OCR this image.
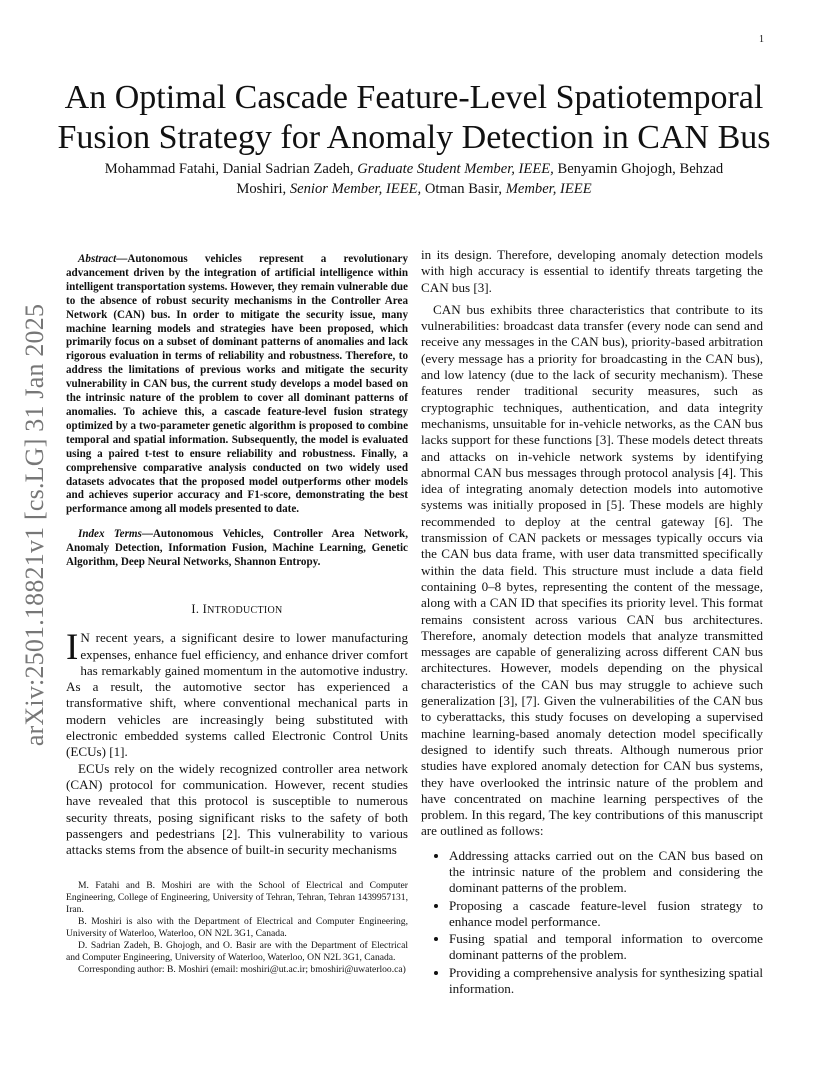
1
arXiv:2501.18821v1 [cs.LG] 31 Jan 2025
An Optimal Cascade Feature-Level Spatiotemporal Fusion Strategy for Anomaly Detection in CAN Bus

Mohammad Fatahi, Danial Sadrian Zadeh, Graduate Student Member, IEEE, Benyamin Ghojogh, Behzad Moshiri, Senior Member, IEEE, Otman Basir, Member, IEEE

Abstract—Autonomous vehicles represent a revolutionary advancement driven by the integration of artificial intelligence within intelligent transportation systems. However, they remain vulnerable due to the absence of robust security mechanisms in the Controller Area Network (CAN) bus. In order to mitigate the security issue, many machine learning models and strategies have been proposed, which primarily focus on a subset of dominant patterns of anomalies and lack rigorous evaluation in terms of reliability and robustness. Therefore, to address the limitations of previous works and mitigate the security vulnerability in CAN bus, the current study develops a model based on the intrinsic nature of the problem to cover all dominant patterns of anomalies. To achieve this, a cascade feature-level fusion strategy optimized by a two-parameter genetic algorithm is proposed to combine temporal and spatial information. Subsequently, the model is evaluated using a paired t-test to ensure reliability and robustness. Finally, a comprehensive comparative analysis conducted on two widely used datasets advocates that the proposed model outperforms other models and achieves superior accuracy and F1-score, demonstrating the best performance among all models presented to date.

Index Terms—Autonomous Vehicles, Controller Area Network, Anomaly Detection, Information Fusion, Machine Learning, Genetic Algorithm, Deep Neural Networks, Shannon Entropy.

I. INTRODUCTION

I N recent years, a significant desire to lower manufacturing expenses, enhance fuel efficiency, and enhance driver comfort has remarkably gained momentum in the automotive industry. As a result, the automotive sector has experienced a transformative shift, where conventional mechanical parts in modern vehicles are increasingly being substituted with electronic embedded systems called Electronic Control Units (ECUs) [1].

ECUs rely on the widely recognized controller area network (CAN) protocol for communication. However, recent studies have revealed that this protocol is susceptible to numerous security threats, posing significant risks to the safety of both passengers and pedestrians [2]. This vulnerability to various attacks stems from the absence of built-in security mechanisms

M. Fatahi and B. Moshiri are with the School of Electrical and Computer Engineering, College of Engineering, University of Tehran, Tehran, Tehran 1439957131, Iran.

B. Moshiri is also with the Department of Electrical and Computer Engineering, University of Waterloo, Waterloo, ON N2L 3G1, Canada.

D. Sadrian Zadeh, B. Ghojogh, and O. Basir are with the Department of Electrical and Computer Engineering, University of Waterloo, Waterloo, ON N2L 3G1, Canada.

Corresponding author: B. Moshiri (email: moshiri@ut.ac.ir; bmoshiri@uwaterloo.ca)

in its design. Therefore, developing anomaly detection models with high accuracy is essential to identify threats targeting the CAN bus [3].

CAN bus exhibits three characteristics that contribute to its vulnerabilities: broadcast data transfer (every node can send and receive any messages in the CAN bus), priority-based arbitration (every message has a priority for broadcasting in the CAN bus), and low latency (due to the lack of security mechanism). These features render traditional security measures, such as cryptographic techniques, authentication, and data integrity mechanisms, unsuitable for in-vehicle networks, as the CAN bus lacks support for these functions [3]. These models detect threats and attacks on in-vehicle network systems by identifying abnormal CAN bus messages through protocol analysis [4]. This idea of integrating anomaly detection models into automotive systems was initially proposed in [5]. These models are highly recommended to deploy at the central gateway [6]. The transmission of CAN packets or messages typically occurs via the CAN bus data frame, with user data transmitted specifically within the data field. This structure must include a data field containing 0–8 bytes, representing the content of the message, along with a CAN ID that specifies its priority level. This format remains consistent across various CAN bus architectures. Therefore, anomaly detection models that analyze transmitted messages are capable of generalizing across different CAN bus architectures. However, models depending on the physical characteristics of the CAN bus may struggle to achieve such generalization [3], [7]. Given the vulnerabilities of the CAN bus to cyberattacks, this study focuses on developing a supervised machine learning-based anomaly detection model specifically designed to identify such threats. Although numerous prior studies have explored anomaly detection for CAN bus systems, they have overlooked the intrinsic nature of the problem and have concentrated on machine learning perspectives of the problem. In this regard, The key contributions of this manuscript are outlined as follows:

• Addressing attacks carried out on the CAN bus based on the intrinsic nature of the problem and considering the dominant patterns of the problem.
• Proposing a cascade feature-level fusion strategy to enhance model performance.
• Fusing spatial and temporal information to overcome dominant patterns of the problem.
• Providing a comprehensive analysis for synthesizing spatial information.
